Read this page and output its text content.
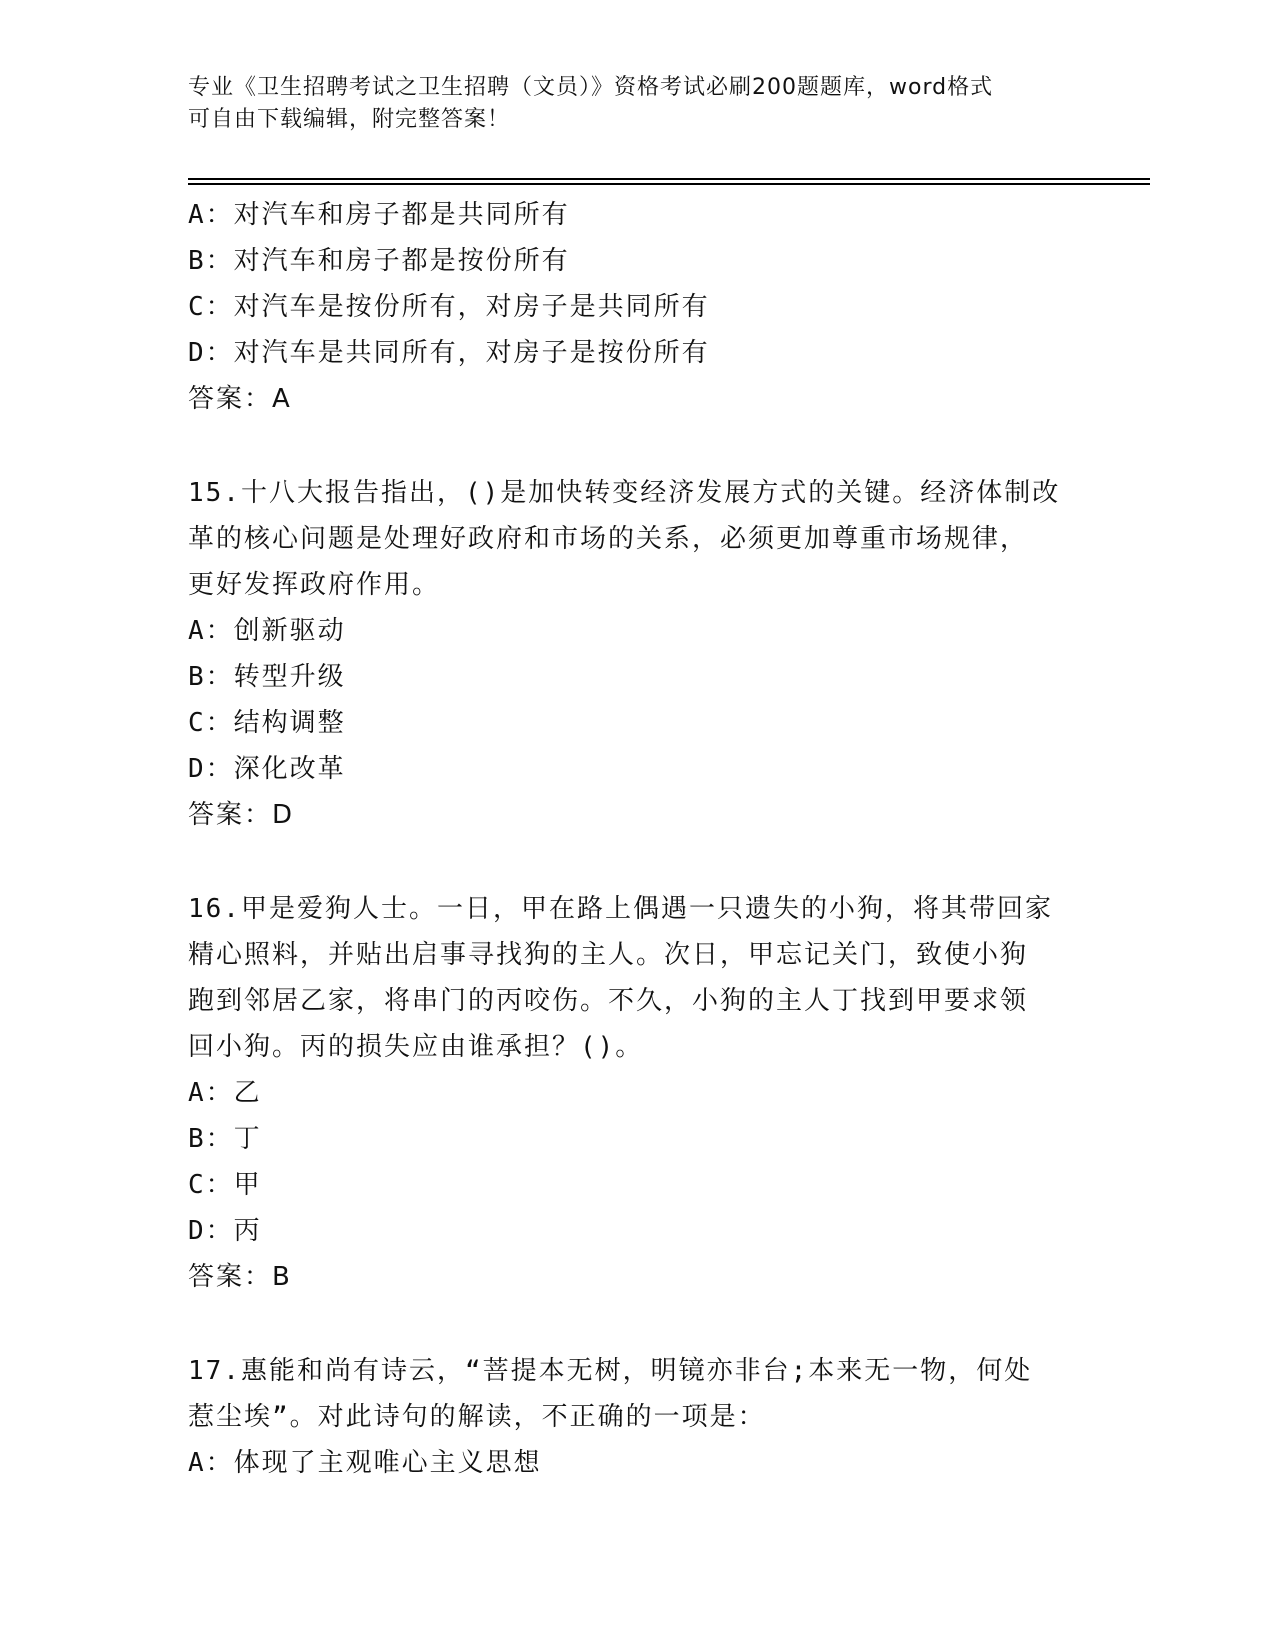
专业《卫生招聘考试之卫生招聘（文员）》资格考试必刷200题题库，word格式
可自由下载编辑，附完整答案！
A：对汽车和房子都是共同所有
B：对汽车和房子都是按份所有
C：对汽车是按份所有，对房子是共同所有
D：对汽车是共同所有，对房子是按份所有
答案：A
15.十八大报告指出，()是加快转变经济发展方式的关键。经济体制改
革的核心问题是处理好政府和市场的关系，必须更加尊重市场规律，
更好发挥政府作用。
A：创新驱动
B：转型升级
C：结构调整
D：深化改革
答案：D
16.甲是爱狗人士。一日，甲在路上偶遇一只遗失的小狗，将其带回家
精心照料，并贴出启事寻找狗的主人。次日，甲忘记关门，致使小狗
跑到邻居乙家，将串门的丙咬伤。不久，小狗的主人丁找到甲要求领
回小狗。丙的损失应由谁承担？()。
A：乙
B：丁
C：甲
D：丙
答案：B
17.惠能和尚有诗云，“菩提本无树，明镜亦非台;本来无一物，何处
惹尘埃”。对此诗句的解读，不正确的一项是：
A：体现了主观唯心主义思想
